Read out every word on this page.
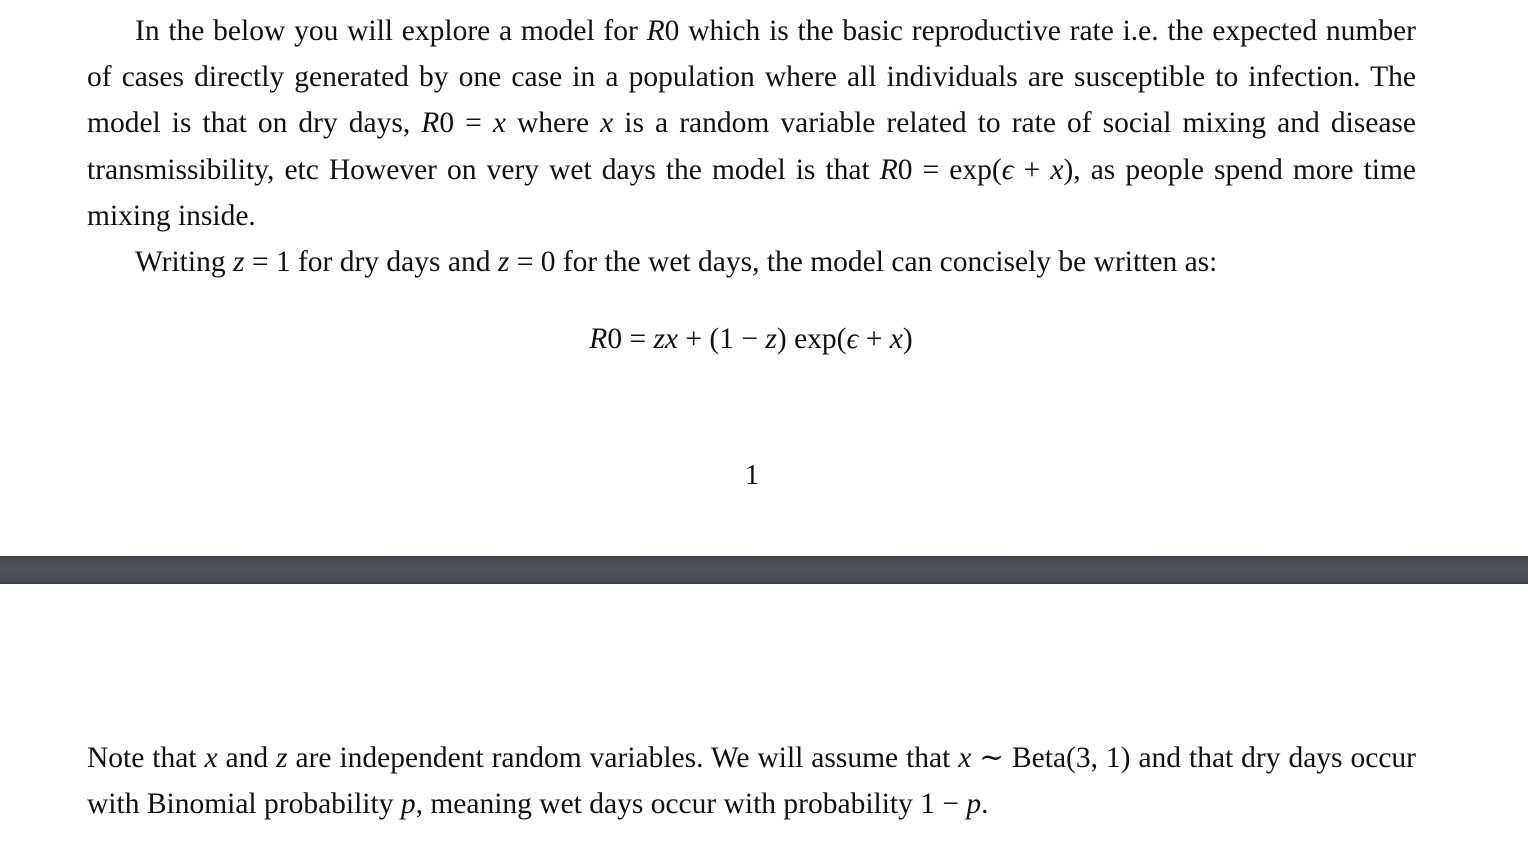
In the below you will explore a model for R0 which is the basic reproductive rate i.e. the expected number of cases directly generated by one case in a population where all individuals are susceptible to infection. The model is that on dry days, R0 = x where x is a random variable related to rate of social mixing and disease transmissibility, etc However on very wet days the model is that R0 = exp(ϵ + x), as people spend more time mixing inside.

Writing z = 1 for dry days and z = 0 for the wet days, the model can concisely be written as:

R0 = zx + (1 − z) exp(ϵ + x)
1

Note that x and z are independent random variables. We will assume that x ∼ Beta(3, 1) and that dry days occur with Binomial probability p, meaning wet days occur with probability 1 − p.
